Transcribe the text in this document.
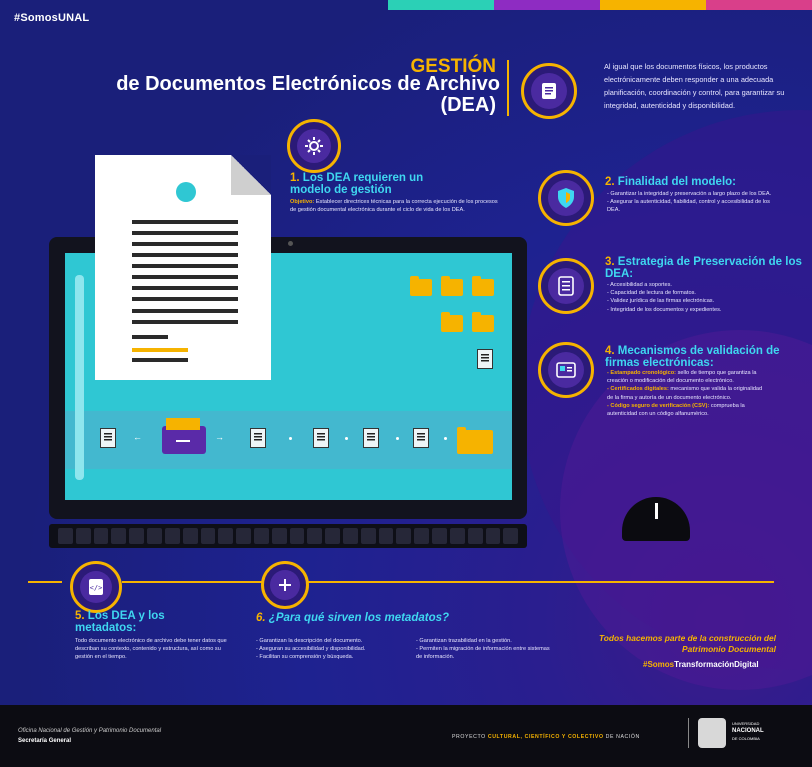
#SomosUNAL
GESTIÓN
de Documentos Electrónicos de Archivo
(DEA)
Al igual que los documentos físicos, los productos electrónicamente deben responder a una adecuada planificación, coordinación y control, para garantizar su integridad, autenticidad y disponibilidad.
1. Los DEA requieren un modelo de gestión
Objetivo: Establecer directrices técnicas para la correcta ejecución de los procesos de gestión documental electrónica durante el ciclo de vida de los DEA.
2. Finalidad del modelo:
- Garantizar la integridad y preservación a largo plazo de los DEA.
- Asegurar la autenticidad, fiabilidad, control y accesibilidad de los DEA.
3. Estrategia de Preservación de los DEA:
- Accesibilidad a soportes.
- Capacidad de lectura de formatos.
- Validez jurídica de las firmas electrónicas.
- Integridad de los documentos y expedientes.
4. Mecanismos de validación de firmas electrónicas:
- Estampado cronológico: sello de tiempo que garantiza la creación o modificación del documento electrónico.
- Certificados digitales: mecanismo que valida la originalidad de la firma y autoría de un documento electrónico.
- Código seguro de verificación (CSV): comprueba la autenticidad con un código alfanumérico.
←	→
</>
5. Los DEA y los metadatos:
Todo documento electrónico de archivo debe tener datos que describan su contexto, contenido y estructura, así como su gestión en el tiempo.
6. ¿Para qué sirven los metadatos?
- Garantizan la descripción del documento.
- Aseguran su accesibilidad y disponibilidad.
- Facilitan su comprensión y búsqueda.
- Garantizan trazabilidad en la gestión.
- Permiten la migración de información entre sistemas de información.
Todos hacemos parte de la construcción del Patrimonio Documental
#SomosTransformaciónDigital
Oficina Nacional de Gestión y Patrimonio Documental
Secretaría General
PROYECTO CULTURAL, CIENTÍFICO Y COLECTIVO DE NACIÓN
UNIVERSIDAD
NACIONAL
DE COLOMBIA
